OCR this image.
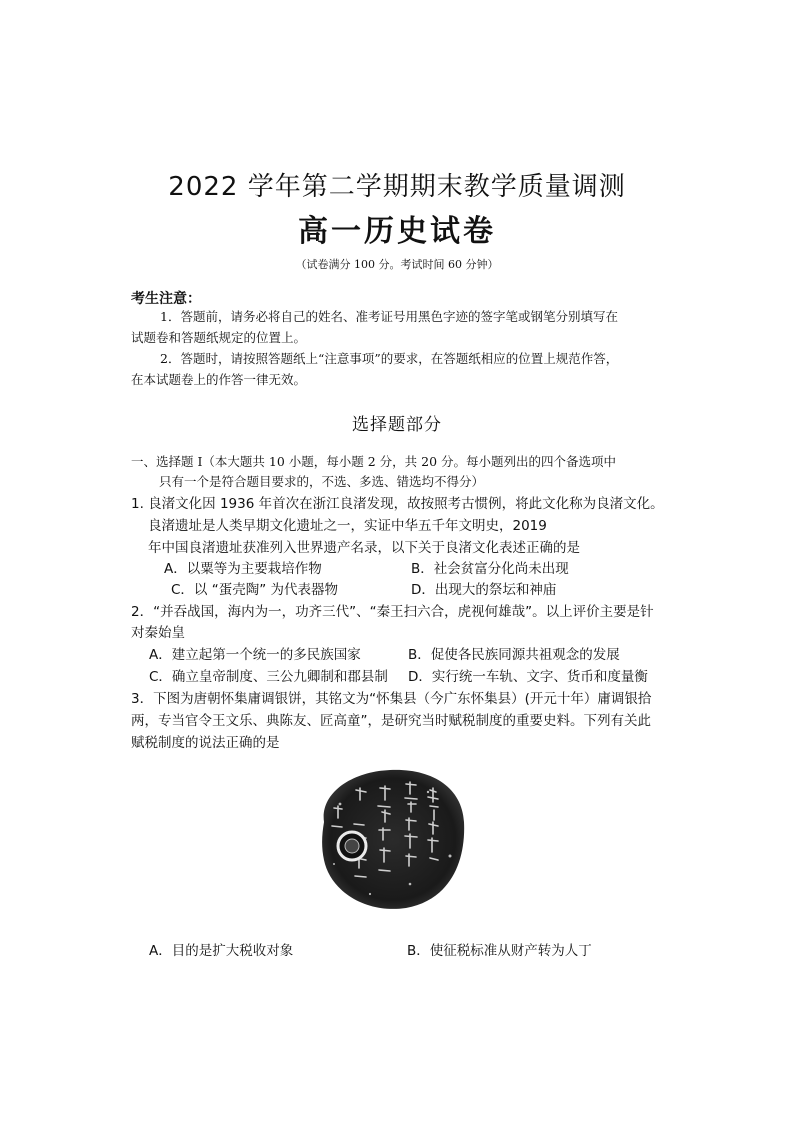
2022 学年第二学期期末教学质量调测
高一历史试卷
（试卷满分 100 分。考试时间 60 分钟）
考生注意：
1．答题前，请务必将自己的姓名、准考证号用黑色字迹的签字笔或钢笔分别填写在
试题卷和答题纸规定的位置上。
2．答题时，请按照答题纸上“注意事项”的要求，在答题纸相应的位置上规范作答，
在本试题卷上的作答一律无效。
选择题部分
一、选择题 I（本大题共 10 小题，每小题 2 分，共 20 分。每小题列出的四个备选项中
只有一个是符合题目要求的，不选、多选、错选均不得分）
1. 良渚文化因 1936 年首次在浙江良渚发现，故按照考古惯例，将此文化称为良渚文化。
良渚遗址是人类早期文化遗址之一，实证中华五千年文明史，2019
年中国良渚遗址获准列入世界遗产名录，以下关于良渚文化表述正确的是
A．以粟等为主要栽培作物	B．社会贫富分化尚未出现
C．以 “蛋壳陶” 为代表器物	D．出现大的祭坛和神庙
2．“并吞战国，海内为一，功齐三代”、“秦王扫六合，虎视何雄哉”。以上评价主要是针
对秦始皇
A．建立起第一个统一的多民族国家	B．促使各民族同源共祖观念的发展
C．确立皇帝制度、三公九卿制和郡县制 D．实行统一车轨、文字、货币和度量衡
3．下图为唐朝怀集庸调银饼，其铭文为“怀集县（今广东怀集县）(开元十年）庸调银拾
两，专当官令王文乐、典陈友、匠高童”，是研究当时赋税制度的重要史料。下列有关此
赋税制度的说法正确的是
A．目的是扩大税收对象	B．使征税标准从财产转为人丁
